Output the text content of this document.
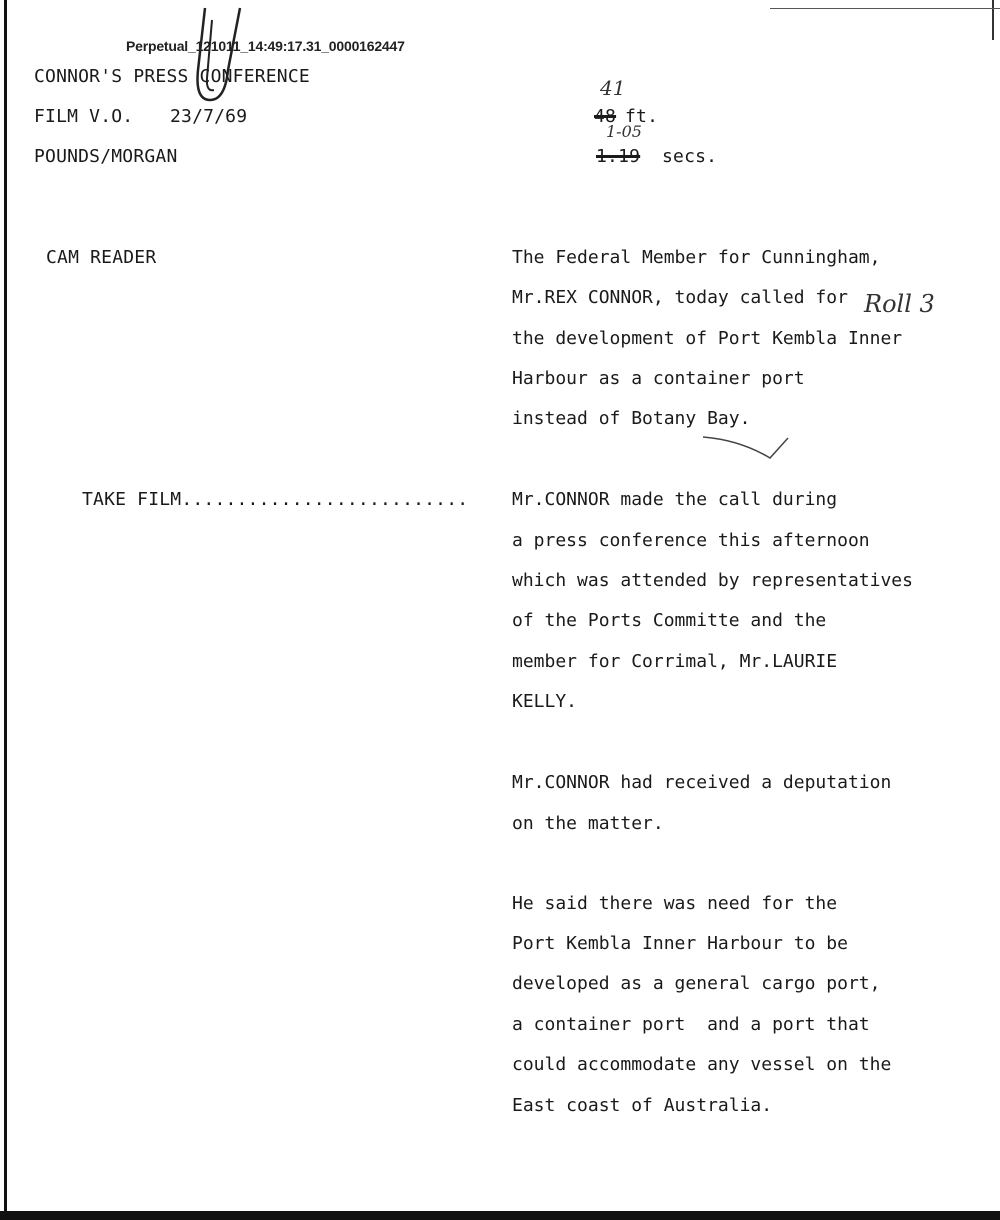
Perpetual_121011_14:49:17.31_0000162447
CONNOR'S PRESS CONFERENCE
FILM V.O. 23/7/69
POUNDS/MORGAN
41
48 ft.
1-05
1.19 secs.
CAM READER
TAKE FILM..........................
Roll 3
The Federal Member for Cunningham,
Mr.REX CONNOR, today called for
the development of Port Kembla Inner
Harbour as a container port
instead of Botany Bay.
Mr.CONNOR made the call during
a press conference this afternoon
which was attended by representatives
of the Ports Committe and the
member for Corrimal, Mr.LAURIE
KELLY.
Mr.CONNOR had received a deputation
on the matter.
He said there was need for the
Port Kembla Inner Harbour to be
developed as a general cargo port,
a container port  and a port that
could accommodate any vessel on the
East coast of Australia.
